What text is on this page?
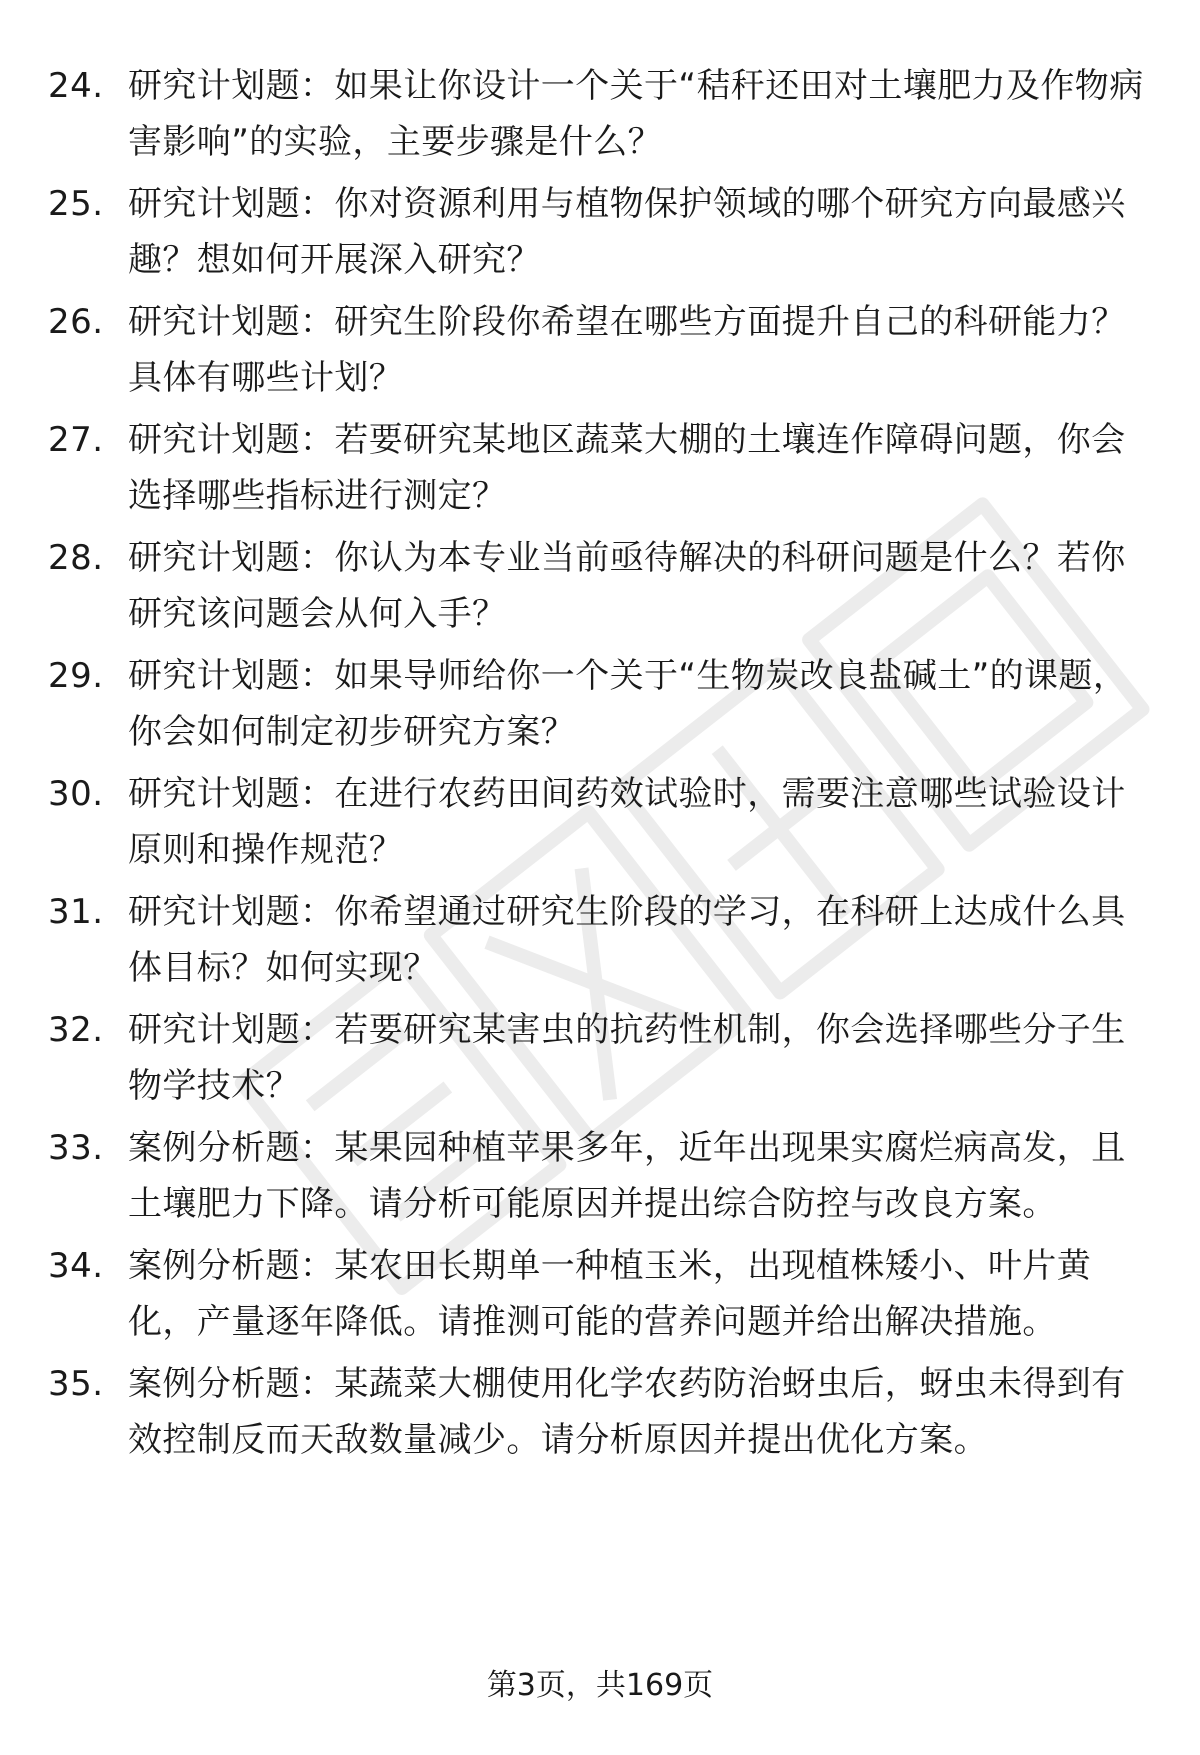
24. 研究计划题：如果让你设计一个关于“秸秆还田对土壤肥力及作物病害影响”的实验，主要步骤是什么？
25. 研究计划题：你对资源利用与植物保护领域的哪个研究方向最感兴趣？想如何开展深入研究？
26. 研究计划题：研究生阶段你希望在哪些方面提升自己的科研能力？具体有哪些计划？
27. 研究计划题：若要研究某地区蔬菜大棚的土壤连作障碍问题，你会选择哪些指标进行测定？
28. 研究计划题：你认为本专业当前亟待解决的科研问题是什么？若你研究该问题会从何入手？
29. 研究计划题：如果导师给你一个关于“生物炭改良盐碱土”的课题，你会如何制定初步研究方案？
30. 研究计划题：在进行农药田间药效试验时，需要注意哪些试验设计原则和操作规范？
31. 研究计划题：你希望通过研究生阶段的学习，在科研上达成什么具体目标？如何实现？
32. 研究计划题：若要研究某害虫的抗药性机制，你会选择哪些分子生物学技术？
33. 案例分析题：某果园种植苹果多年，近年出现果实腐烂病高发，且土壤肥力下降。请分析可能原因并提出综合防控与改良方案。
34. 案例分析题：某农田长期单一种植玉米，出现植株矮小、叶片黄化，产量逐年降低。请推测可能的营养问题并给出解决措施。
35. 案例分析题：某蔬菜大棚使用化学农药防治蚜虫后，蚜虫未得到有效控制反而天敌数量减少。请分析原因并提出优化方案。
第3页，共169页
